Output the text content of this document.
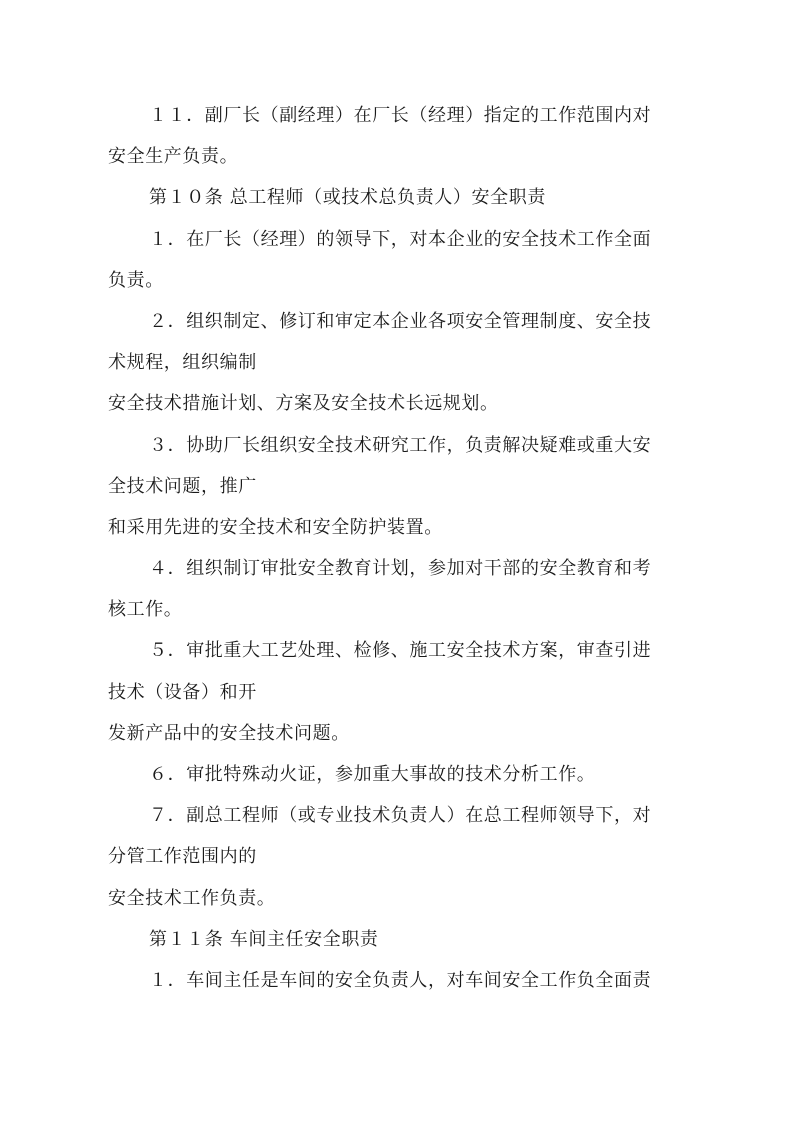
１１．副厂长（副经理）在厂长（经理）指定的工作范围内对
安全生产负责。
第１０条 总工程师（或技术总负责人）安全职责
１．在厂长（经理）的领导下，对本企业的安全技术工作全面
负责。
２．组织制定、修订和审定本企业各项安全管理制度、安全技
术规程，组织编制
安全技术措施计划、方案及安全技术长远规划。
３．协助厂长组织安全技术研究工作，负责解决疑难或重大安
全技术问题，推广
和采用先进的安全技术和安全防护装置。
４．组织制订审批安全教育计划，参加对干部的安全教育和考
核工作。
５．审批重大工艺处理、检修、施工安全技术方案，审查引进
技术（设备）和开
发新产品中的安全技术问题。
６．审批特殊动火证，参加重大事故的技术分析工作。
７．副总工程师（或专业技术负责人）在总工程师领导下，对
分管工作范围内的
安全技术工作负责。
第１１条 车间主任安全职责
１．车间主任是车间的安全负责人，对车间安全工作负全面责
